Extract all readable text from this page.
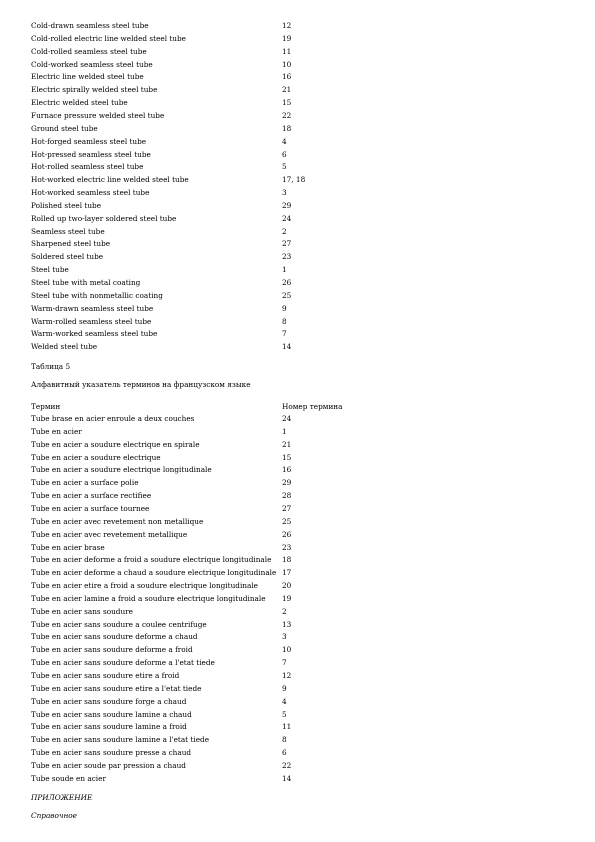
Cold-drawn seamless steel tube	12
Cold-rolled electric line welded steel tube	19
Cold-rolled seamless steel tube	11
Cold-worked seamless steel tube	10
Electric line welded steel tube	16
Electric spirally welded steel tube	21
Electric welded steel tube	15
Furnace pressure welded steel tube	22
Ground steel tube	18
Hot-forged seamless steel tube	4
Hot-pressed seamless steel tube	6
Hot-rolled seamless steel tube	5
Hot-worked electric line welded steel tube	17, 18
Hot-worked seamless steel tube	3
Polished steel tube	29
Rolled up two-layer soldered steel tube	24
Seamless steel tube	2
Sharpened steel tube	27
Soldered steel tube	23
Steel tube	1
Steel tube with metal coating	26
Steel tube with nonmetallic coating	25
Warm-drawn seamless steel tube	9
Warm-rolled seamless steel tube	8
Warm-worked seamless steel tube	7
Welded steel tube	14
Таблица 5
Алфавитный указатель терминов на французском языке
Термин	Номер термина
Tube brase en acier enroule a deux couches	24
Tube en acier	1
Tube en acier a soudure electrique en spirale	21
Tube en acier a soudure electrique	15
Tube en acier a soudure electrique longitudinale	16
Tube en acier a surface polie	29
Tube en acier a surface rectifiee	28
Tube en acier a surface tournee	27
Tube en acier avec revetement non metallique	25
Tube en acier avec revetement metallique	26
Tube en acier brase	23
Tube en acier deforme a froid a soudure electrique longitudinale 18
Tube en acier deforme a chaud a soudure electrique longitudinale 17
Tube en acier etire a froid a soudure electrique longitudinale	20
Tube en acier lamine a froid a soudure electrique longitudinale 19
Tube en acier sans soudure	2
Tube en acier sans soudure a coulee centrifuge	13
Tube en acier sans soudure deforme a chaud	3
Tube en acier sans soudure deforme a froid	10
Tube en acier sans soudure deforme a l'etat tiede	7
Tube en acier sans soudure etire a froid	12
Tube en acier sans soudure etire a l'etat tiede	9
Tube en acier sans soudure forge a chaud	4
Tube en acier sans soudure lamine a chaud	5
Tube en acier sans soudure lamine a froid	11
Tube en acier sans soudure lamine a l'etat tiede	8
Tube en acier sans soudure presse a chaud	6
Tube en acier soude par pression a chaud	22
Tube soude en acier	14
ПРИЛОЖЕНИЕ
Справочное
